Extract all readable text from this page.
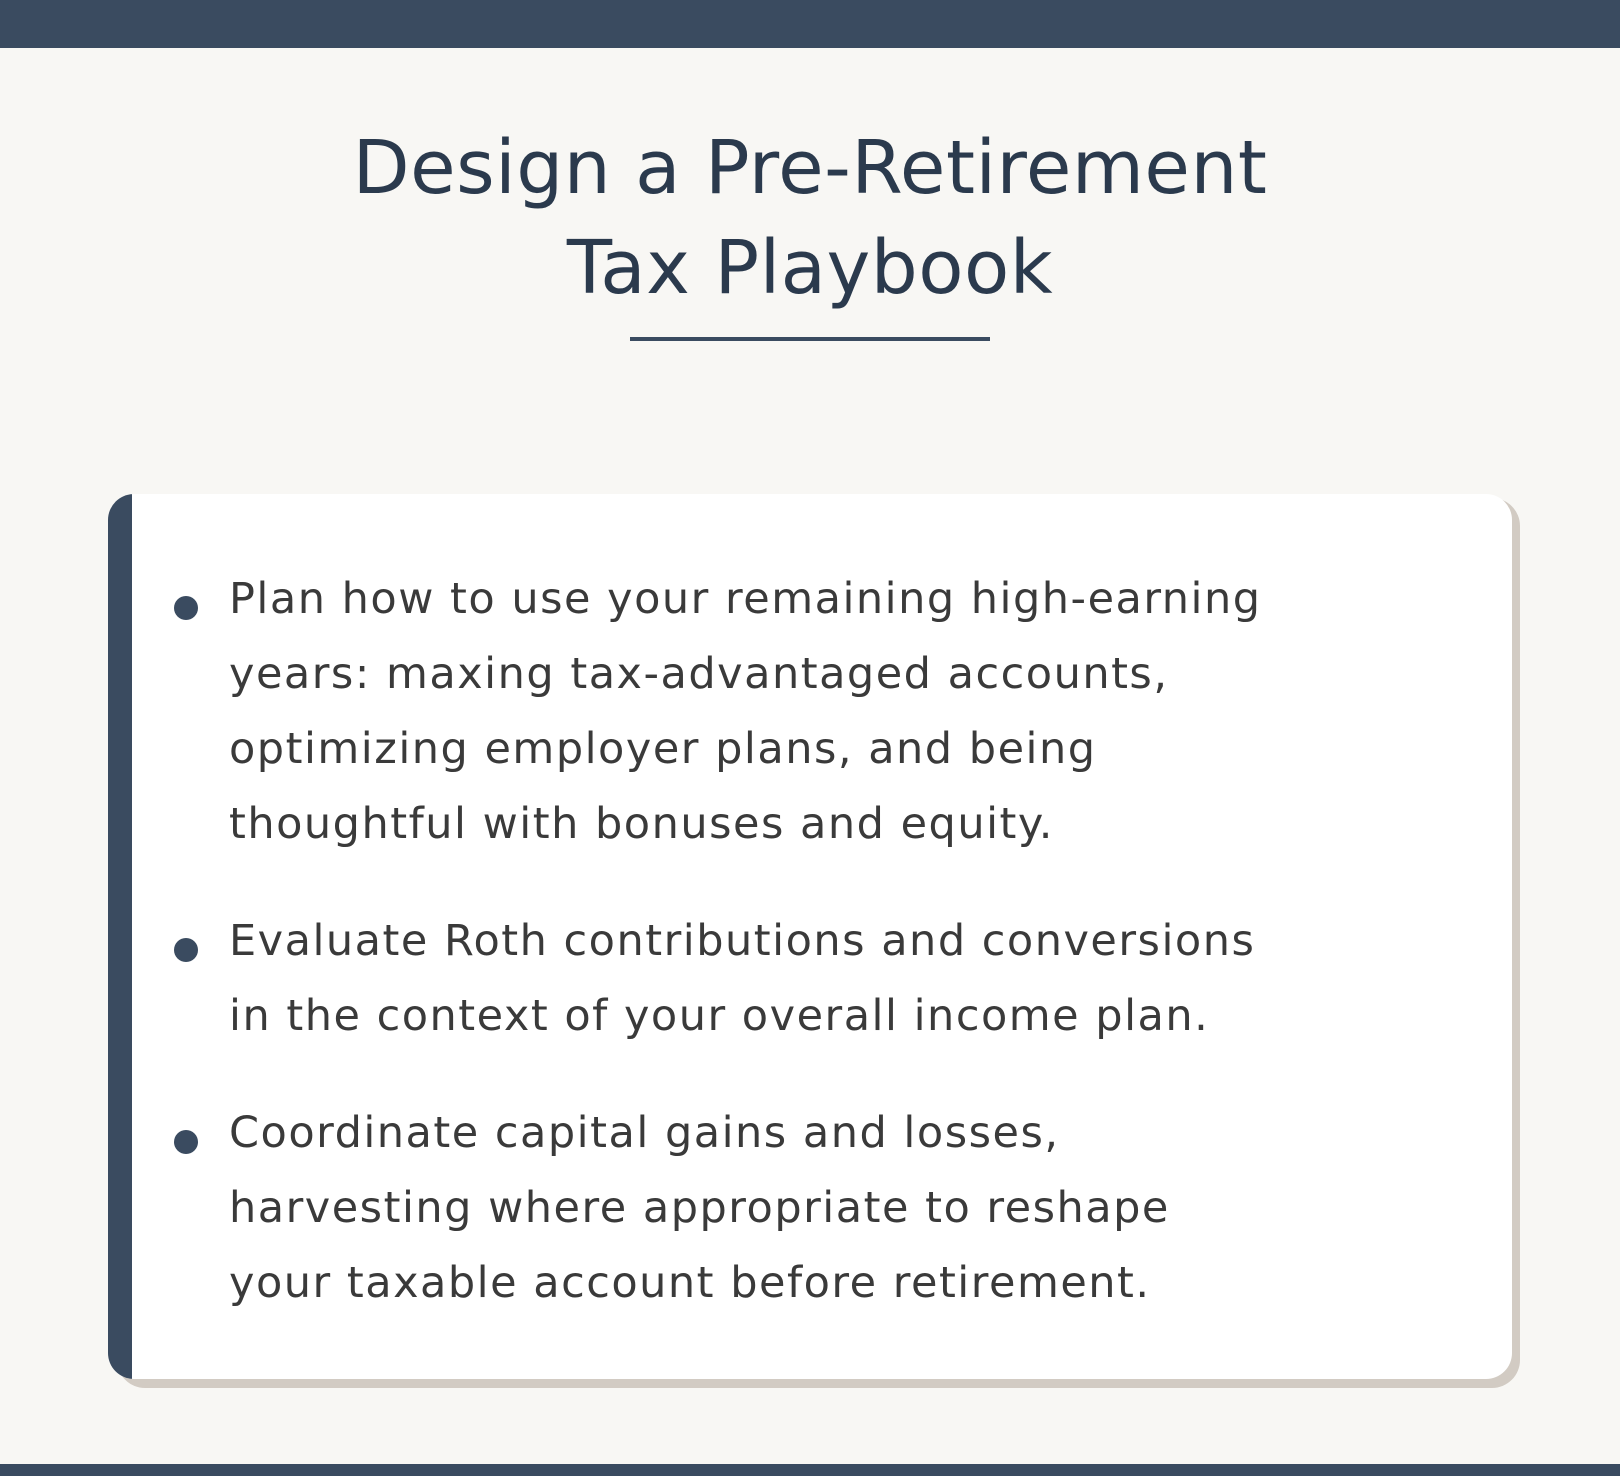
Design a Pre-Retirement
Tax Playbook
Plan how to use your remaining high-earning
years: maxing tax-advantaged accounts,
optimizing employer plans, and being
thoughtful with bonuses and equity.
Evaluate Roth contributions and conversions
in the context of your overall income plan.
Coordinate capital gains and losses,
harvesting where appropriate to reshape
your taxable account before retirement.
